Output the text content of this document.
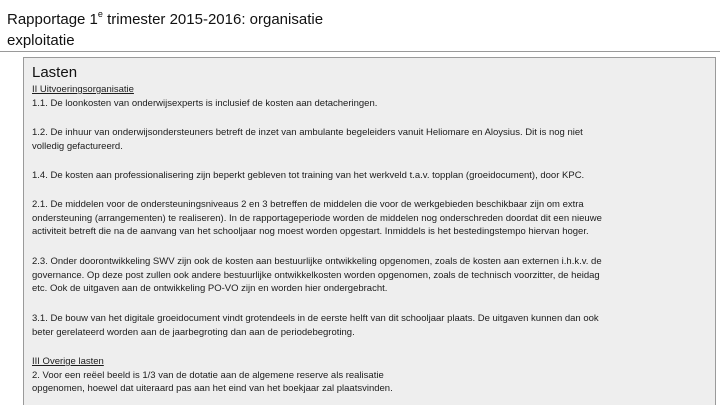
Rapportage 1e trimester 2015-2016: organisatie
exploitatie
Lasten
II Uitvoeringsorganisatie
1.1. De loonkosten van onderwijsexperts is inclusief de kosten aan detacheringen.
1.2. De inhuur van onderwijsondersteuners betreft de inzet van ambulante begeleiders vanuit Heliomare en Aloysius. Dit is nog niet
volledig gefactureerd.
1.4. De kosten aan professionalisering zijn beperkt gebleven tot training van het werkveld t.a.v. topplan (groeidocument), door KPC.
2.1. De middelen voor de ondersteuningsniveaus 2 en 3 betreffen de middelen die voor de werkgebieden beschikbaar zijn om extra
ondersteuning (arrangementen) te realiseren). In de rapportageperiode worden de middelen nog onderschreden doordat dit een nieuwe
activiteit betreft die na de aanvang van het schooljaar nog moest worden opgestart. Inmiddels is het bestedingstempo hiervan hoger.
2.3. Onder doorontwikkeling SWV zijn ook de kosten aan bestuurlijke ontwikkeling opgenomen, zoals de kosten aan externen i.h.k.v. de
governance. Op deze post zullen ook andere bestuurlijke ontwikkelkosten worden opgenomen, zoals de technisch voorzitter, de heidag
etc. Ook de uitgaven aan de ontwikkeling PO-VO zijn en worden hier ondergebracht.
3.1. De bouw van het digitale groeidocument vindt grotendeels in de eerste helft van dit schooljaar plaats. De uitgaven kunnen dan ook
beter gerelateerd worden aan de jaarbegroting dan aan de periodebegroting.
III Overige lasten
2. Voor een reëel beeld is 1/3 van de dotatie aan de algemene reserve als realisatie
opgenomen, hoewel dat uiteraard pas aan het eind van het boekjaar zal plaatsvinden.
